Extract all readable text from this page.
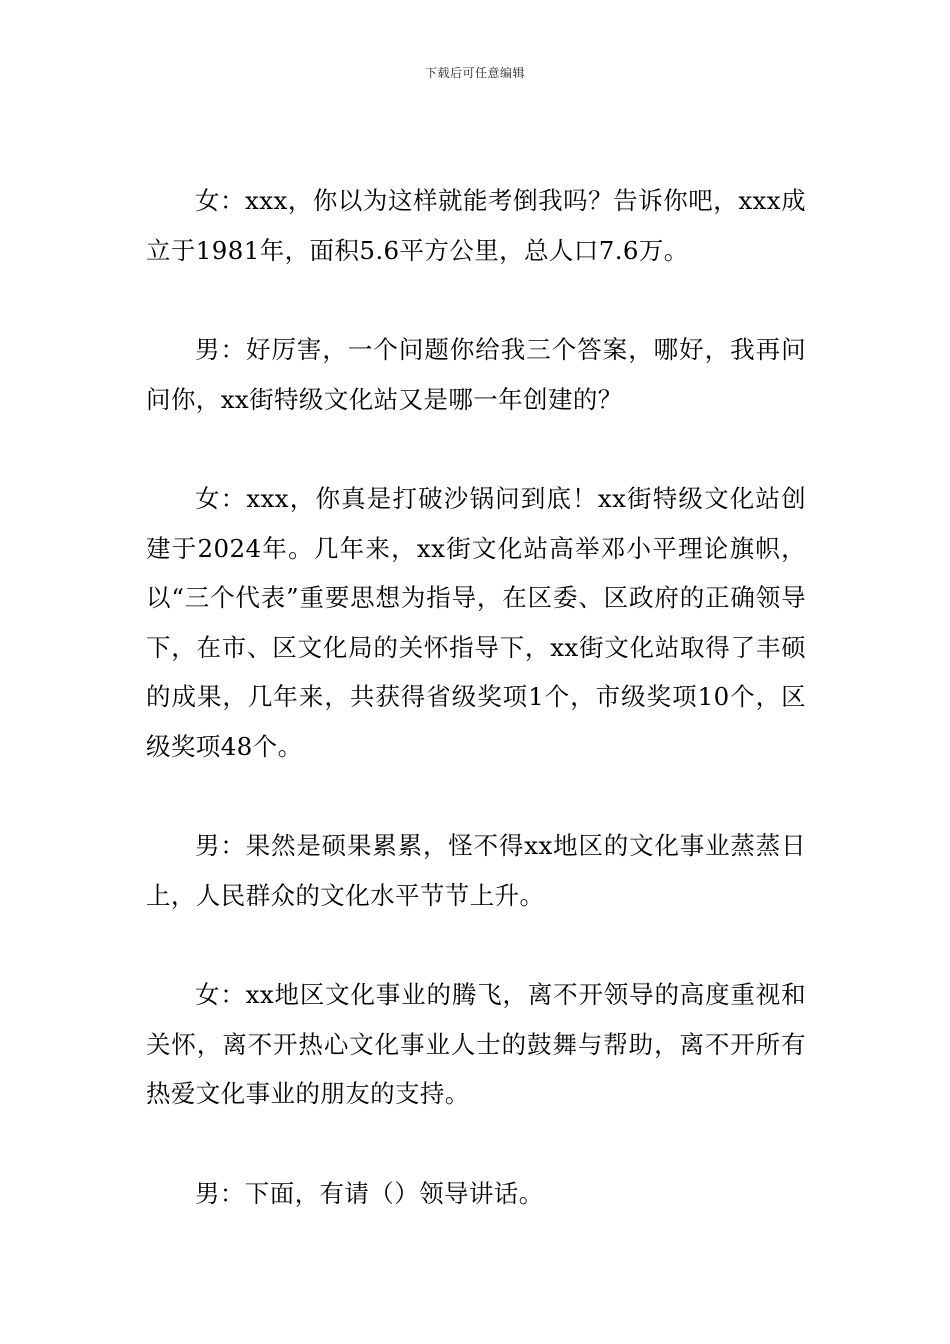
下载后可任意编辑

女：xxx，你以为这样就能考倒我吗？告诉你吧，xxx成立于1981年，面积5.6平方公里，总人口7.6万。

男：好厉害，一个问题你给我三个答案，哪好，我再问问你，xx街特级文化站又是哪一年创建的？

女：xxx，你真是打破沙锅问到底！xx街特级文化站创建于2024年。几年来，xx街文化站高举邓小平理论旗帜，以“三个代表”重要思想为指导，在区委、区政府的正确领导下，在市、区文化局的关怀指导下，xx街文化站取得了丰硕的成果，几年来，共获得省级奖项1个，市级奖项10个，区级奖项48个。

男：果然是硕果累累，怪不得xx地区的文化事业蒸蒸日上，人民群众的文化水平节节上升。

女：xx地区文化事业的腾飞，离不开领导的高度重视和关怀，离不开热心文化事业人士的鼓舞与帮助，离不开所有热爱文化事业的朋友的支持。

男：下面，有请（）领导讲话。
